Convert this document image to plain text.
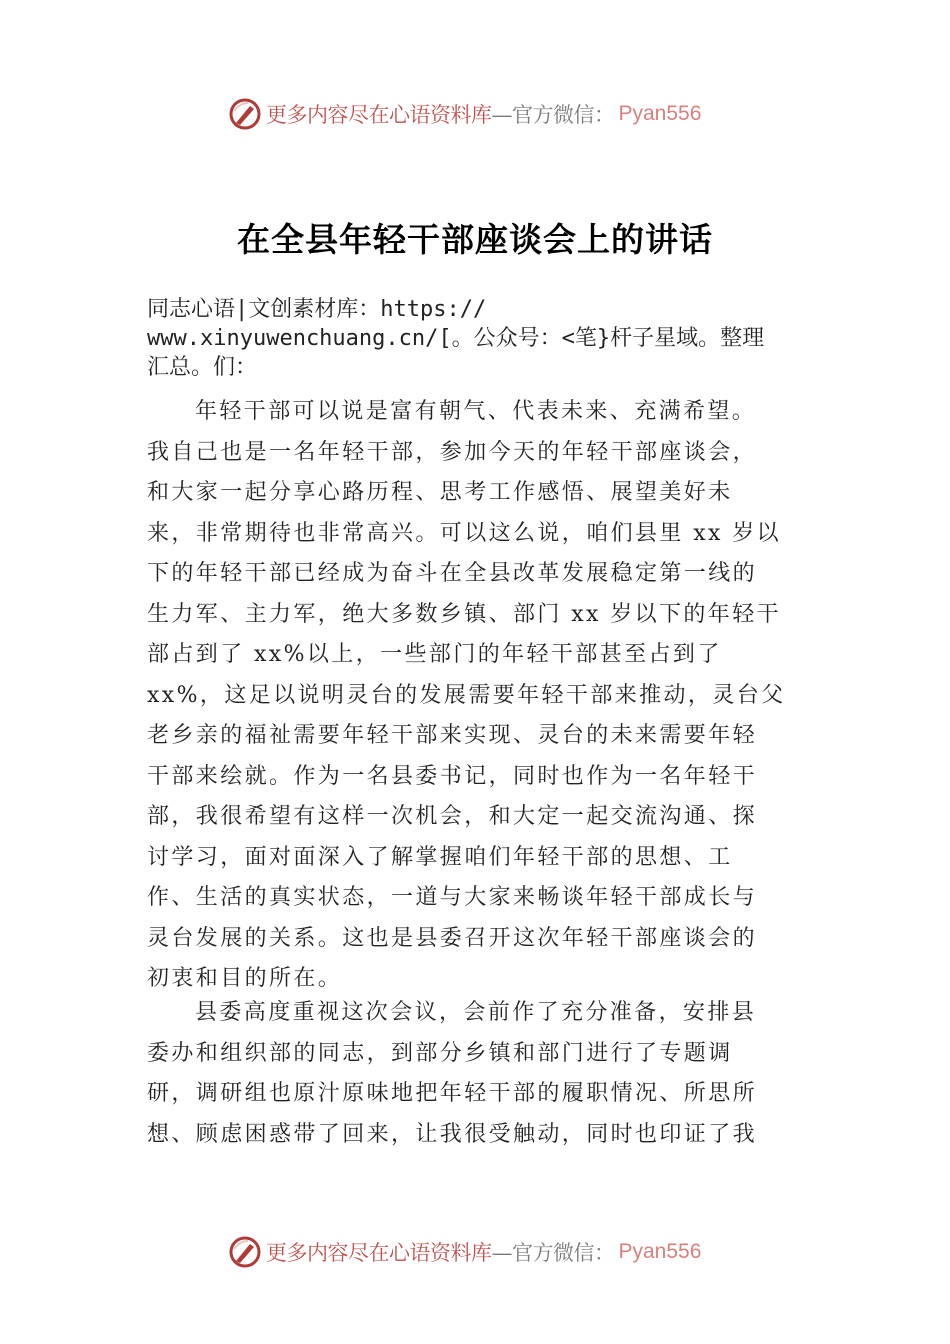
更多内容尽在心语资料库 —官方微信： Pyan556
在全县年轻干部座谈会上的讲话
同志心语|文创素材库：https://
www.xinyuwenchuang.cn/[。公众号：<笔}杆子星域。整理
汇总。们：
年轻干部可以说是富有朝气、代表未来、充满希望。
我自己也是一名年轻干部，参加今天的年轻干部座谈会，
和大家一起分享心路历程、思考工作感悟、展望美好未
来，非常期待也非常高兴。可以这么说，咱们县里 xx 岁以
下的年轻干部已经成为奋斗在全县改革发展稳定第一线的
生力军、主力军，绝大多数乡镇、部门 xx 岁以下的年轻干
部占到了 xx%以上，一些部门的年轻干部甚至占到了
xx%，这足以说明灵台的发展需要年轻干部来推动，灵台父
老乡亲的福祉需要年轻干部来实现、灵台的未来需要年轻
干部来绘就。作为一名县委书记，同时也作为一名年轻干
部，我很希望有这样一次机会，和大定一起交流沟通、探
讨学习，面对面深入了解掌握咱们年轻干部的思想、工
作、生活的真实状态，一道与大家来畅谈年轻干部成长与
灵台发展的关系。这也是县委召开这次年轻干部座谈会的
初衷和目的所在。
县委高度重视这次会议，会前作了充分准备，安排县
委办和组织部的同志，到部分乡镇和部门进行了专题调
研，调研组也原汁原味地把年轻干部的履职情况、所思所
想、顾虑困惑带了回来，让我很受触动，同时也印证了我
更多内容尽在心语资料库 —官方微信： Pyan556
